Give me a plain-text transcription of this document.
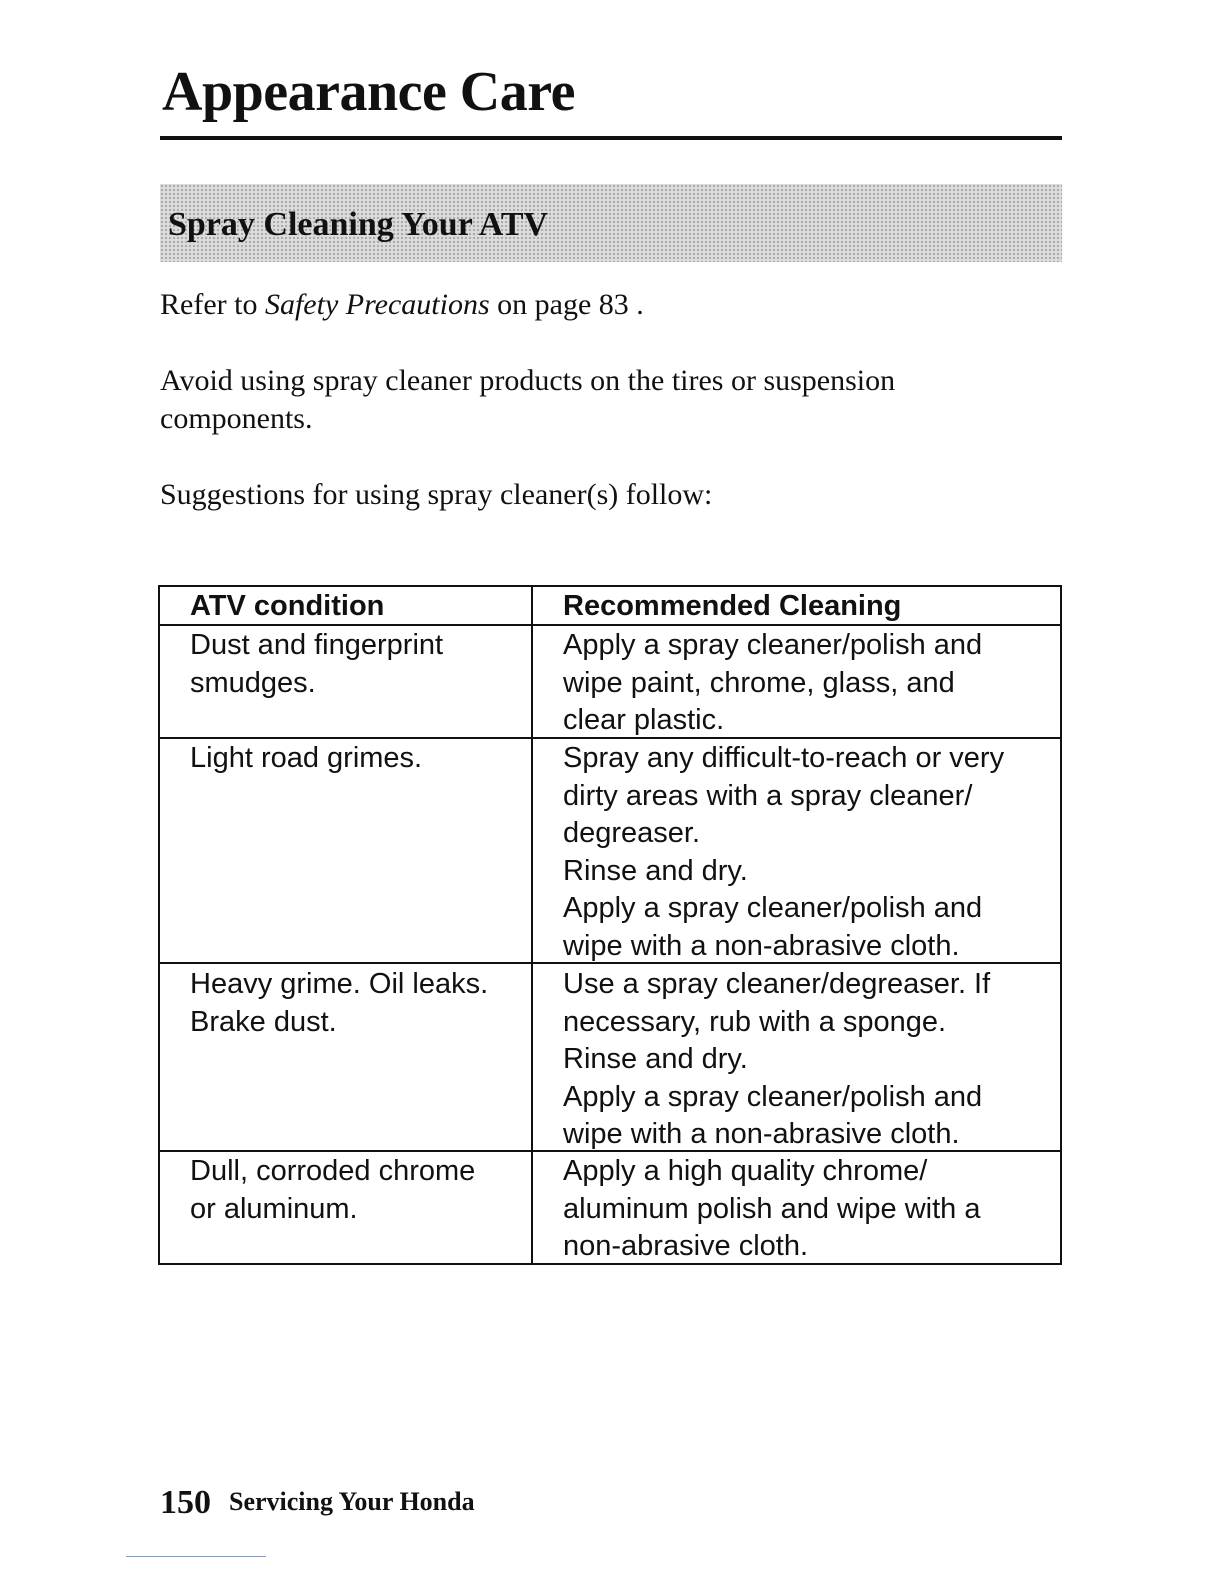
Appearance Care
Spray Cleaning Your ATV

Refer to Safety Precautions on page 83 .

Avoid using spray cleaner products on the tires or suspension
components.

Suggestions for using spray cleaner(s) follow:

ATV condition	Recommended Cleaning

Dust and fingerprint
smudges.

Apply a spray cleaner/polish and
wipe paint, chrome, glass, and
clear plastic.

Light road grimes.	Spray any difficult-to-reach or very
dirty areas with a spray cleaner/
degreaser.
Rinse and dry.
Apply a spray cleaner/polish and
wipe with a non-abrasive cloth.

Heavy grime. Oil leaks.
Brake dust.

Use a spray cleaner/degreaser. If
necessary, rub with a sponge.
Rinse and dry.
Apply a spray cleaner/polish and
wipe with a non-abrasive cloth.

Dull, corroded chrome
or aluminum.

Apply a high quality chrome/
aluminum polish and wipe with a
non-abrasive cloth.

150 Servicing Your Honda
